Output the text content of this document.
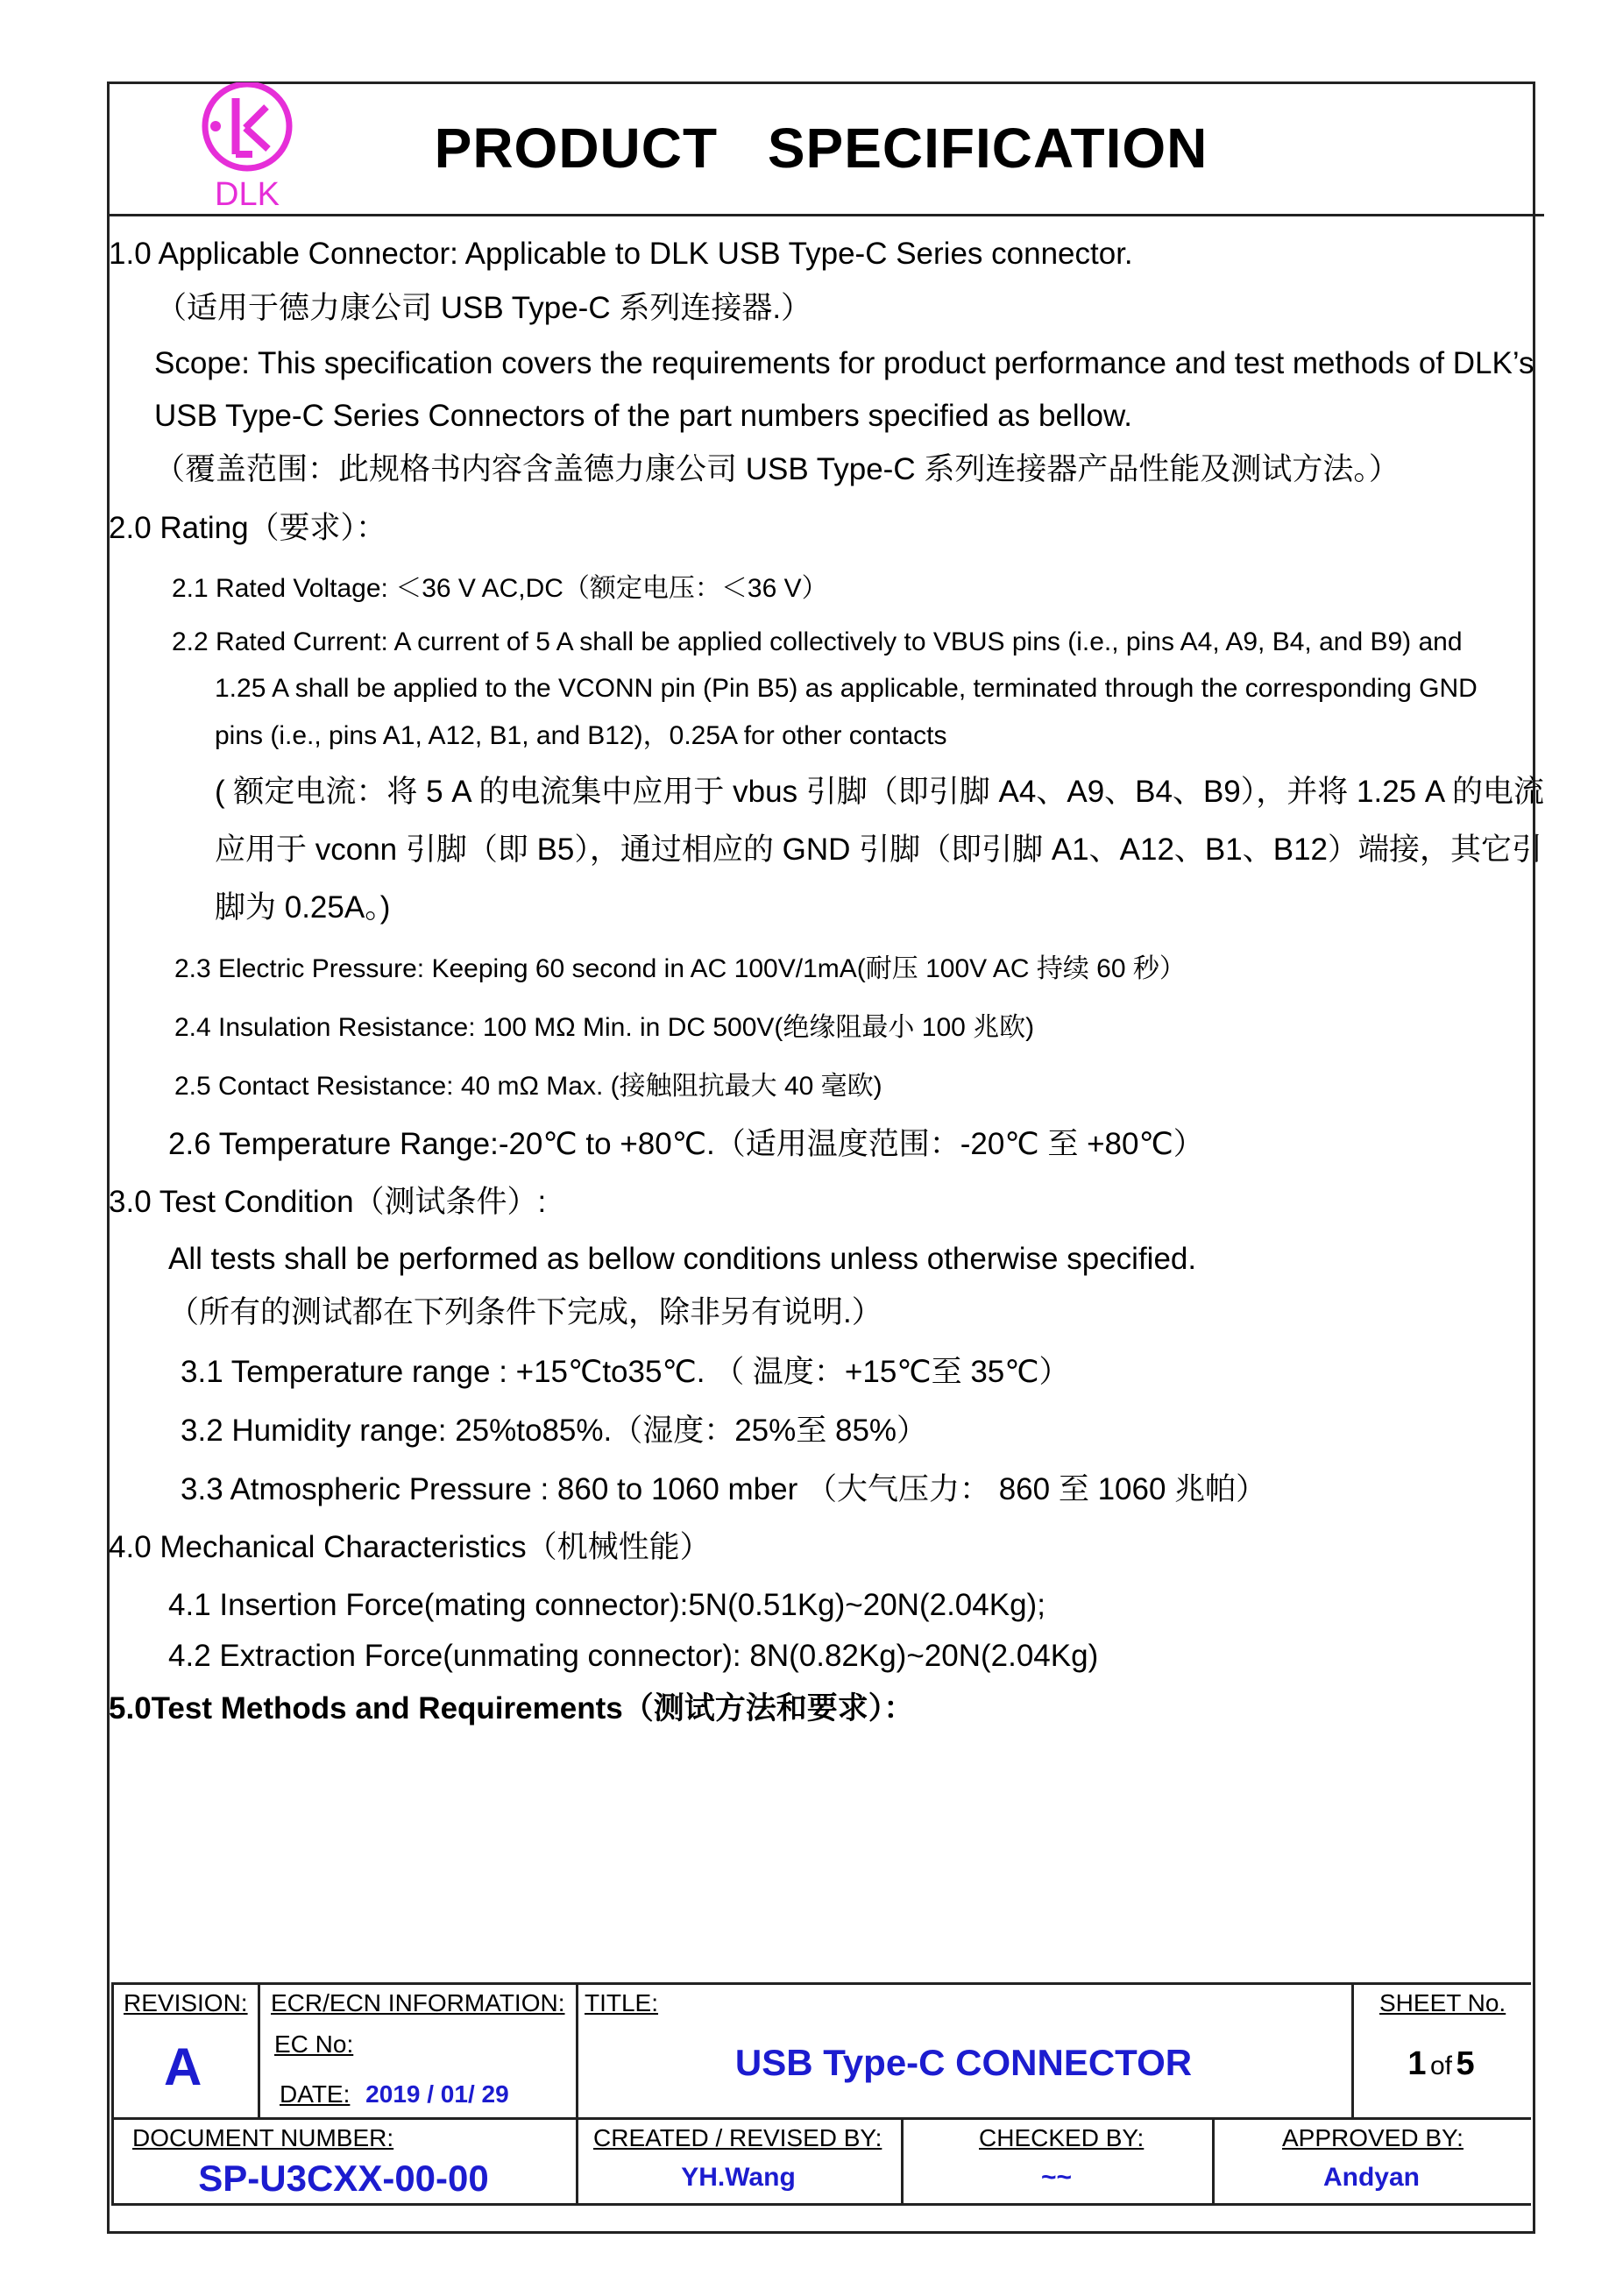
DLK
PRODUCT SPECIFICATION
1.0 Applicable Connector: Applicable to DLK USB Type-C Series connector.
（适用于德力康公司 USB Type-C 系列连接器.）
Scope: This specification covers the requirements for product performance and test methods of DLK’s
USB Type-C Series Connectors of the part numbers specified as bellow.
（覆盖范围：此规格书内容含盖德力康公司 USB Type-C 系列连接器产品性能及测试方法。）
2.0 Rating（要求）：
2.1 Rated Voltage: ＜36 V AC,DC（额定电压：＜36 V）
2.2 Rated Current: A current of 5 A shall be applied collectively to VBUS pins (i.e., pins A4, A9, B4, and B9) and
1.25 A shall be applied to the VCONN pin (Pin B5) as applicable, terminated through the corresponding GND
pins (i.e., pins A1, A12, B1, and B12)，0.25A for other contacts
( 额定电流：将 5 A 的电流集中应用于 vbus 引脚（即引脚 A4、A9、B4、B9），并将 1.25 A 的电流
应用于 vconn 引脚（即 B5），通过相应的 GND 引脚（即引脚 A1、A12、B1、B12）端接，其它引
脚为 0.25A。)
2.3 Electric Pressure: Keeping 60 second in AC 100V/1mA(耐压 100V AC 持续 60 秒）
2.4 Insulation Resistance: 100 MΩ Min. in DC 500V(绝缘阻最小 100 兆欧)
2.5 Contact Resistance: 40 mΩ Max. (接触阻抗最大 40 毫欧)
2.6 Temperature Range:-20℃ to +80℃.（适用温度范围：-20℃ 至 +80℃）
3.0 Test Condition（测试条件）:
All tests shall be performed as bellow conditions unless otherwise specified.
（所有的测试都在下列条件下完成，除非另有说明.）
3.1 Temperature range : +15℃to35℃. （ 温度：+15℃至 35℃）
3.2 Humidity range: 25%to85%.（湿度：25%至 85%）
3.3 Atmospheric Pressure : 860 to 1060 mber （大气压力： 860 至 1060 兆帕）
4.0 Mechanical Characteristics（机械性能）
4.1 Insertion Force(mating connector):5N(0.51Kg)~20N(2.04Kg);
4.2 Extraction Force(unmating connector): 8N(0.82Kg)~20N(2.04Kg)
5.0Test Methods and Requirements（测试方法和要求）：
REVISION:
A
ECR/ECN INFORMATION:
EC No:
DATE: 2019 / 01/ 29
TITLE:
USB Type-C CONNECTOR
SHEET No.
1 of 5
DOCUMENT NUMBER:
SP-U3CXX-00-00
CREATED / REVISED BY:
YH.Wang
CHECKED BY:
~~
APPROVED BY:
Andyan
